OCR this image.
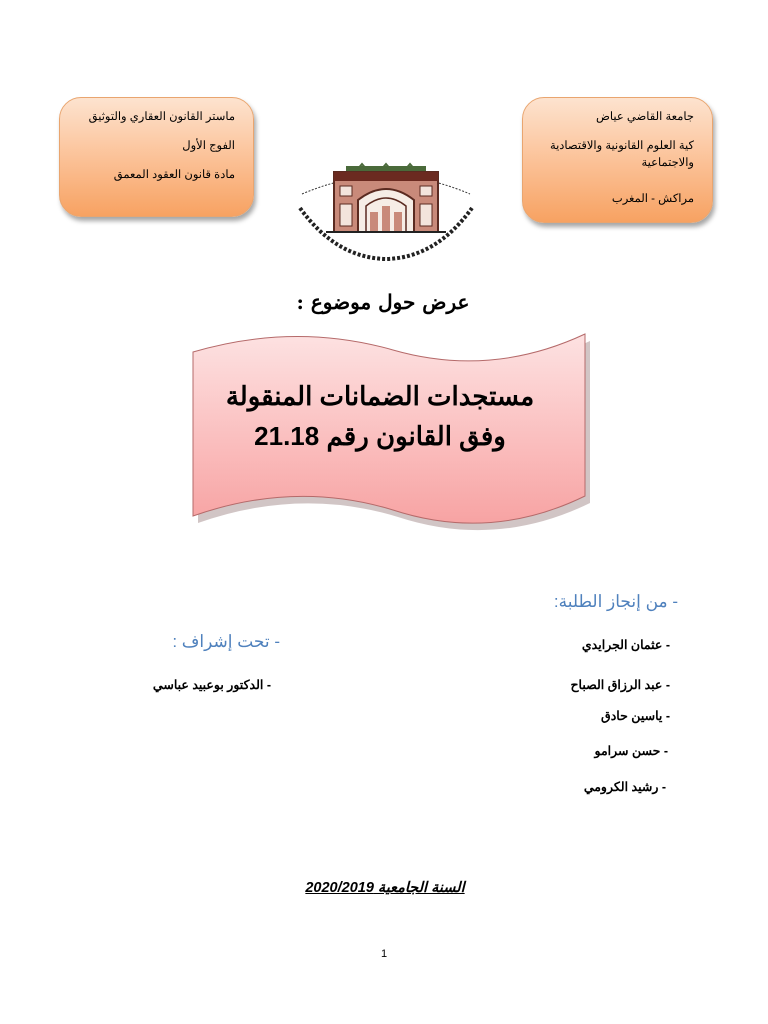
ماستر القانون العقاري والتوثيق
الفوج الأول
مادة قانون العقود المعمق
جامعة القاضي عياض
كية العلوم القانونية والاقتصادية
والاجتماعية
مراكش - المغرب
عرض حول موضوع :
مستجدات الضمانات المنقولة
وفق القانون رقم 21.18
- من إنجاز الطلبة:
- عثمان الجرايدي
- عبد الرزاق الصباح
- ياسين حادق
- حسن سرامو
- رشيد الكرومي
- تحت إشراف :
- الدكتور بوعبيد عباسي
السنة الجامعية 2020/2019
1
